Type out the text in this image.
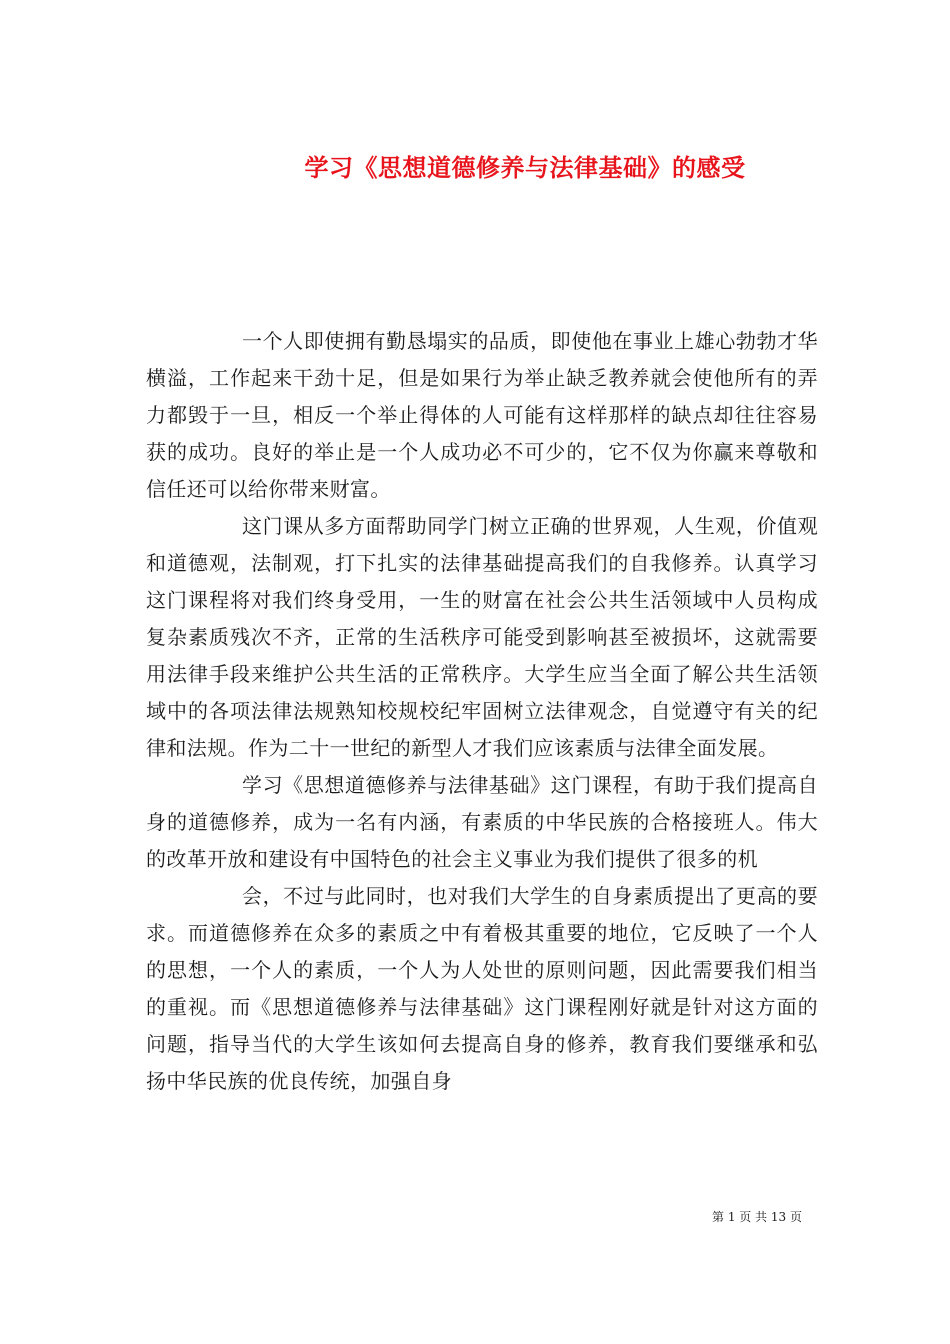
学习《思想道德修养与法律基础》的感受

一个人即使拥有勤恳塌实的品质，即使他在事业上雄心勃勃才华横溢，工作起来干劲十足，但是如果行为举止缺乏教养就会使他所有的弄力都毁于一旦，相反一个举止得体的人可能有这样那样的缺点却往往容易获的成功。良好的举止是一个人成功必不可少的，它不仅为你赢来尊敬和信任还可以给你带来财富。

这门课从多方面帮助同学门树立正确的世界观，人生观，价值观和道德观，法制观，打下扎实的法律基础提高我们的自我修养。认真学习这门课程将对我们终身受用，一生的财富在社会公共生活领域中人员构成复杂素质残次不齐，正常的生活秩序可能受到影响甚至被损坏，这就需要用法律手段来维护公共生活的正常秩序。大学生应当全面了解公共生活领域中的各项法律法规熟知校规校纪牢固树立法律观念，自觉遵守有关的纪律和法规。作为二十一世纪的新型人才我们应该素质与法律全面发展。

学习《思想道德修养与法律基础》这门课程，有助于我们提高自身的道德修养，成为一名有内涵，有素质的中华民族的合格接班人。伟大的改革开放和建设有中国特色的社会主义事业为我们提供了很多的机

会，不过与此同时，也对我们大学生的自身素质提出了更高的要求。而道德修养在众多的素质之中有着极其重要的地位，它反映了一个人的思想，一个人的素质，一个人为人处世的原则问题，因此需要我们相当的重视。而《思想道德修养与法律基础》这门课程刚好就是针对这方面的问题，指导当代的大学生该如何去提高自身的修养，教育我们要继承和弘扬中华民族的优良传统，加强自身

第 1 页 共 13 页
